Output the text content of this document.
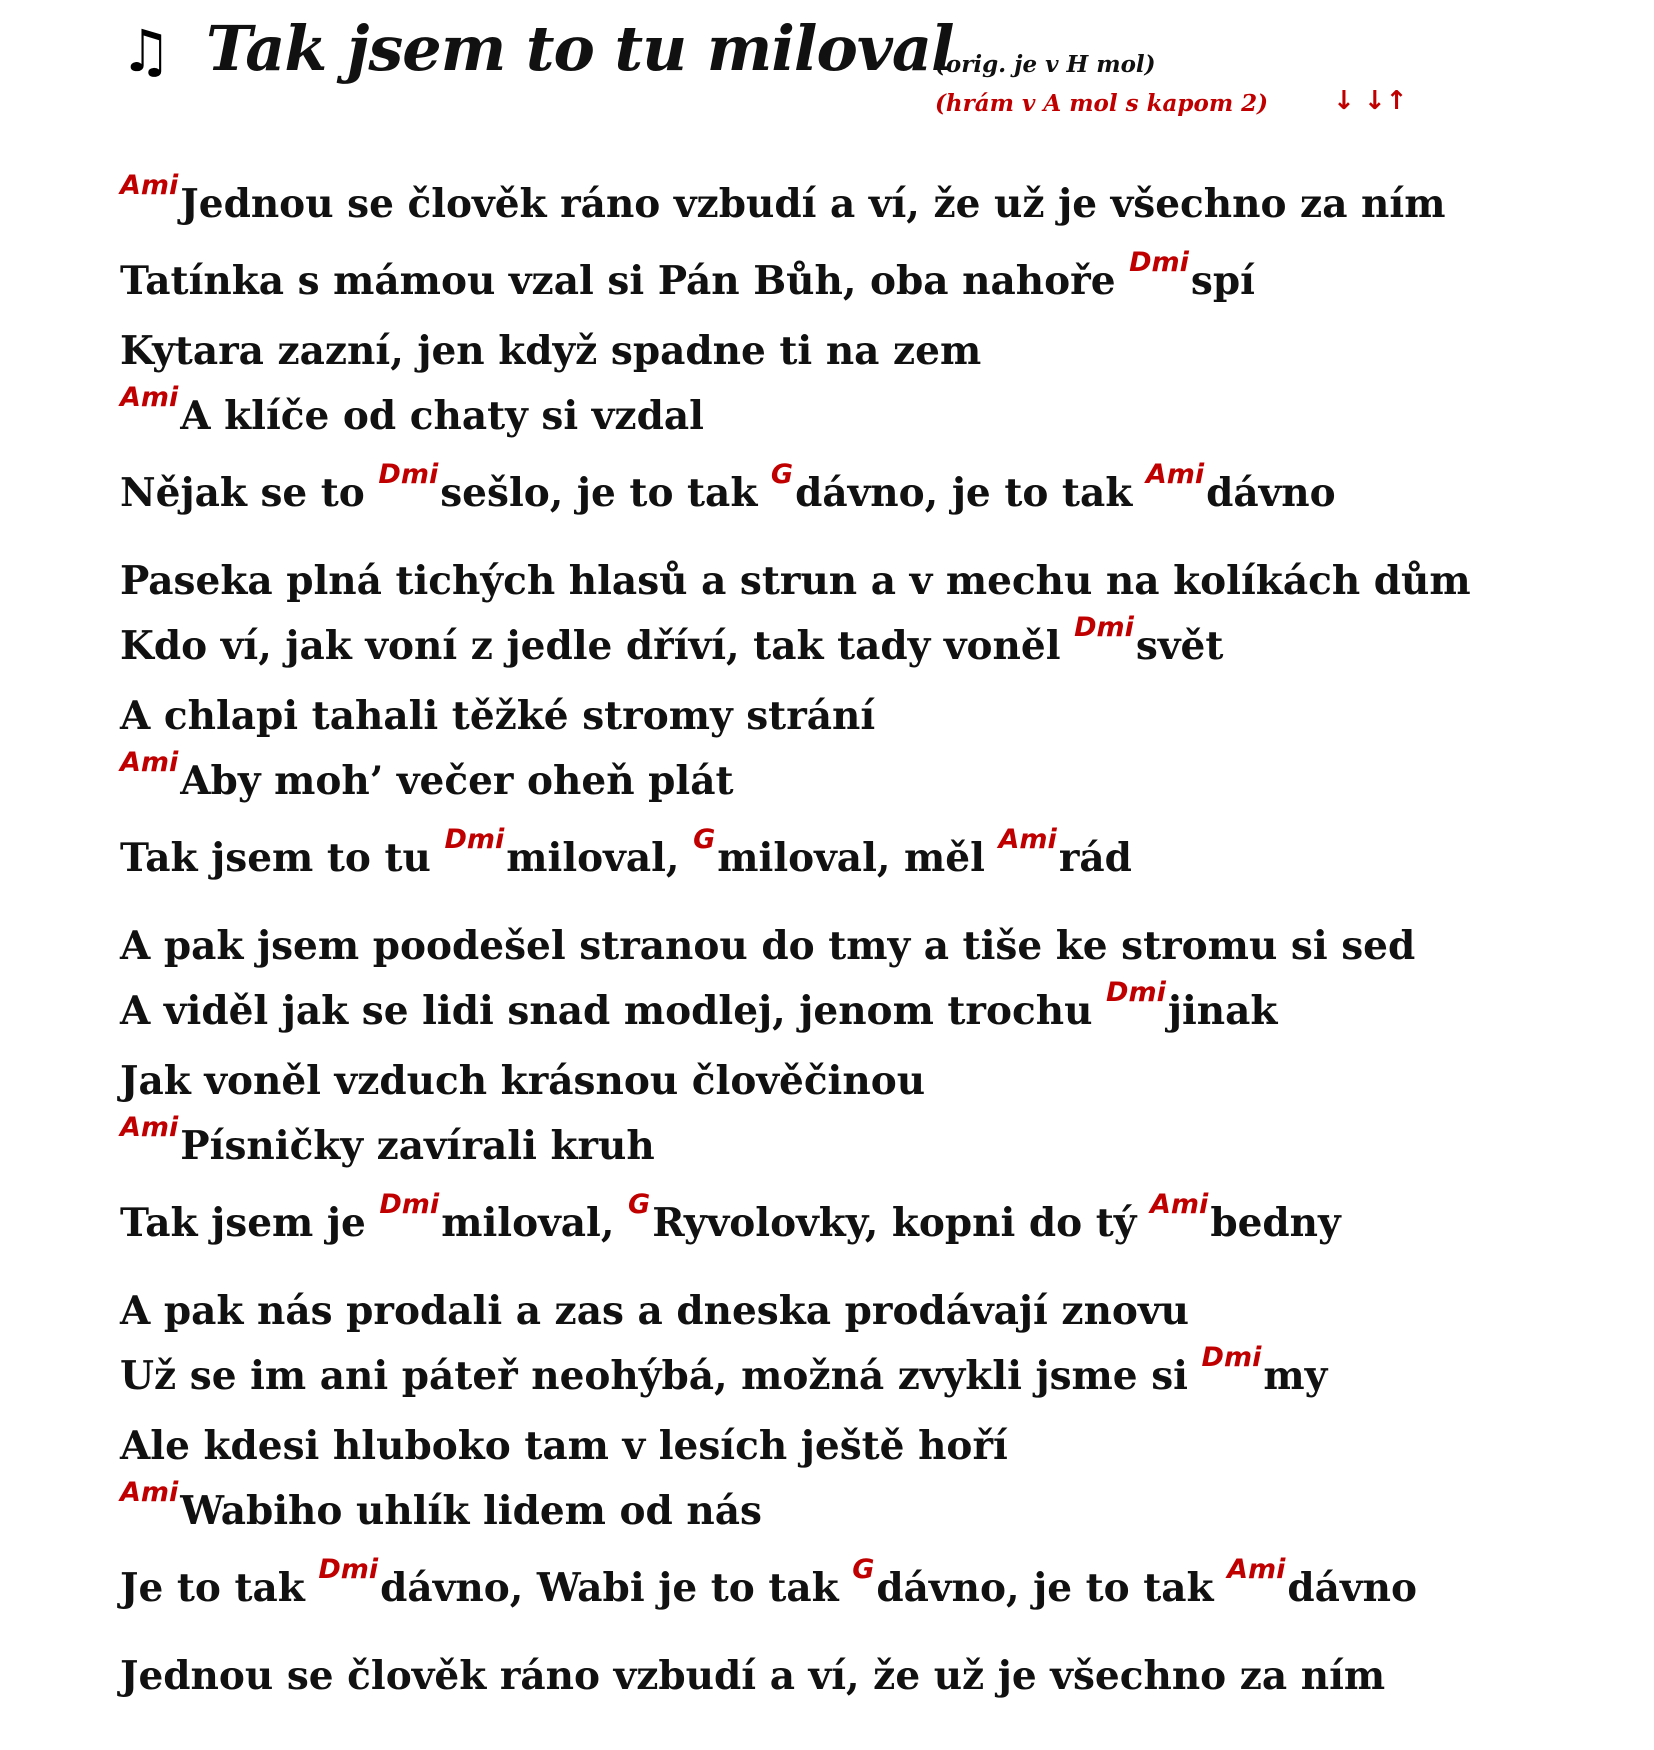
♫ Tak jsem to tu miloval
(orig. je v H mol)
(hrám v A mol s kapom 2) ↓ ↓↑
$^{Ami}$Jednou se člověk ráno vzbudí a ví, že už je všechno za ním
Tatínka s mámou vzal si Pán Bůh, oba nahoře $^{Dmi}$spí
Kytara zazní, jen když spadne ti na zem
$^{Ami}$A klíče od chaty si vzdal
Nějak se to $^{Dmi}$sešlo, je to tak $^G$dávno, je to tak $^{Ami}$dávno
Paseka plná tichých hlasů a strun a v mechu na kolíkách dům
Kdo ví, jak voní z jedle dříví, tak tady voněl $^{Dmi}$svět
A chlapi tahali těžké stromy strání
$^{Ami}$Aby moh’ večer oheň plát
Tak jsem to tu $^{Dmi}$miloval, $^G$miloval, měl $^{Ami}$rád
A pak jsem poodešel stranou do tmy a tiše ke stromu si sed
A viděl jak se lidi snad modlej, jenom trochu $^{Dmi}$jinak
Jak voněl vzduch krásnou člověčinou
$^{Ami}$Písničky zavírali kruh
Tak jsem je $^{Dmi}$miloval, $^G$Ryvolovky, kopni do tý $^{Ami}$bedny
A pak nás prodali a zas a dneska prodávají znovu
Už se im ani páteř neohýbá, možná zvykli jsme si $^{Dmi}$my
Ale kdesi hluboko tam v lesích ještě hoří
$^{Ami}$Wabiho uhlík lidem od nás
Je to tak $^{Dmi}$dávno, Wabi je to tak $^G$dávno, je to tak $^{Ami}$dávno
Jednou se člověk ráno vzbudí a ví, že už je všechno za ním
